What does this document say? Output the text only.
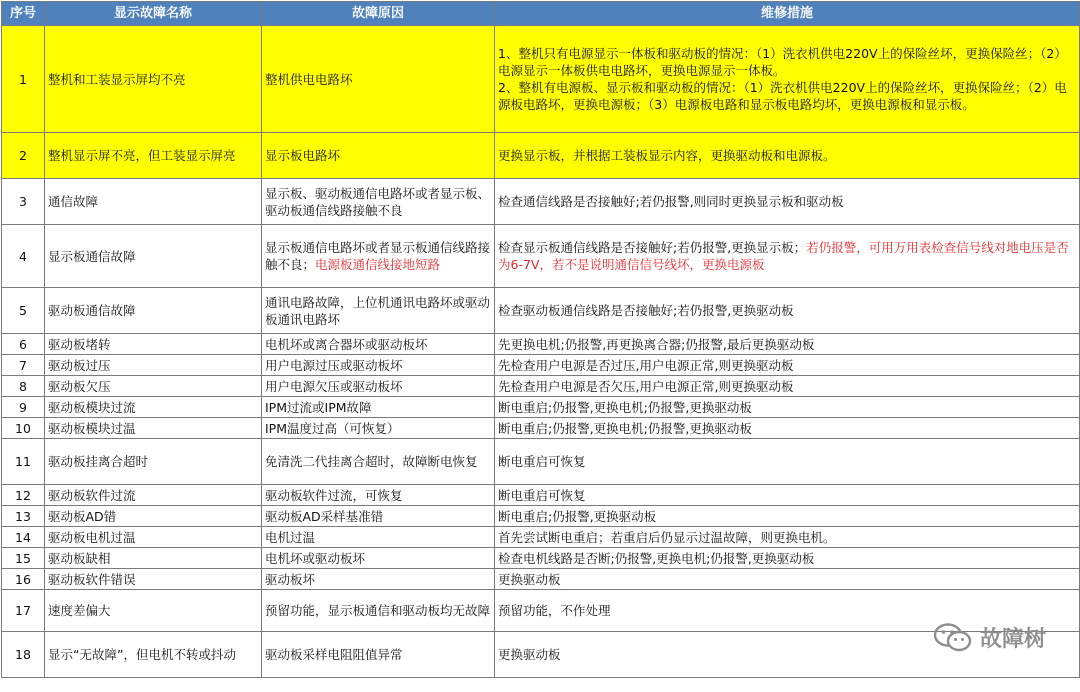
序号	显示故障名称	故障原因	维修措施
1	整机和工装显示屏均不亮	整机供电电路坏	1、整机只有电源显示一体板和驱动板的情况：（1）洗衣机供电220V上的保险丝坏，更换保险丝；（2）电源显示一体板供电电路坏，更换电源显示一体板。
2、整机有电源板、显示板和驱动板的情况：（1）洗衣机供电220V上的保险丝坏，更换保险丝；（2）电源板电路坏，更换电源板；（3）电源板电路和显示板电路均坏，更换电源板和显示板。
2	整机显示屏不亮，但工装显示屏亮	显示板电路坏	更换显示板，并根据工装板显示内容，更换驱动板和电源板。
3	通信故障	显示板、驱动板通信电路坏或者显示板、驱动板通信线路接触不良	检查通信线路是否接触好;若仍报警,则同时更换显示板和驱动板
4	显示板通信故障	显示板通信电路坏或者显示板通信线路接触不良；电源板通信线接地短路	检查显示板通信线路是否接触好;若仍报警,更换显示板；若仍报警，可用万用表检查信号线对地电压是否为6-7V，若不是说明通信信号线坏，更换电源板
5	驱动板通信故障	通讯电路故障，上位机通讯电路坏或驱动板通讯电路坏	检查驱动板通信线路是否接触好;若仍报警,更换驱动板
6	驱动板堵转	电机坏或离合器坏或驱动板坏	先更换电机;仍报警,再更换离合器;仍报警,最后更换驱动板
7	驱动板过压	用户电源过压或驱动板坏	先检查用户电源是否过压,用户电源正常,则更换驱动板
8	驱动板欠压	用户电源欠压或驱动板坏	先检查用户电源是否欠压,用户电源正常,则更换驱动板
9	驱动板模块过流	IPM过流或IPM故障	断电重启;仍报警,更换电机;仍报警,更换驱动板
10	驱动板模块过温	IPM温度过高（可恢复）	断电重启;仍报警,更换电机;仍报警,更换驱动板
11	驱动板挂离合超时	免清洗二代挂离合超时，故障断电恢复	断电重启可恢复
12	驱动板软件过流	驱动板软件过流，可恢复	断电重启可恢复
13	驱动板AD错	驱动板AD采样基准错	断电重启;仍报警,更换驱动板
14	驱动板电机过温	电机过温	首先尝试断电重启；若重启后仍显示过温故障，则更换电机。
15	驱动板缺相	电机坏或驱动板坏	检查电机线路是否断;仍报警,更换电机;仍报警,更换驱动板
16	驱动板软件错误	驱动板坏	更换驱动板
17	速度差偏大	预留功能，显示板通信和驱动板均无故障	预留功能，不作处理
18	显示“无故障”，但电机不转或抖动	驱动板采样电阻阻值异常	更换驱动板
故障树
